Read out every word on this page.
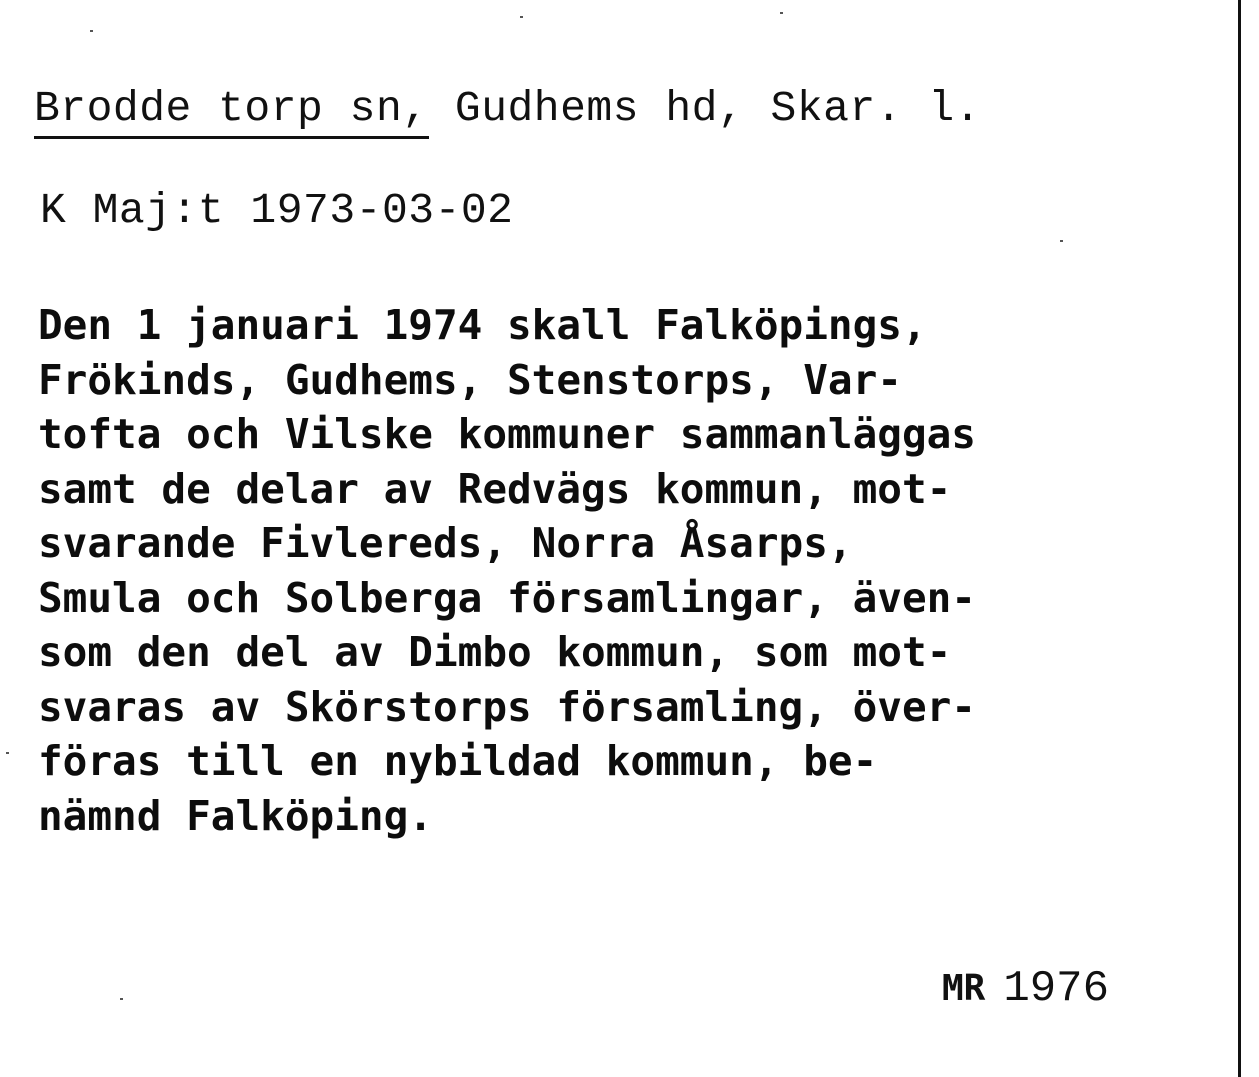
Brodde torp sn, Gudhems hd, Skar. l.
K Maj:t 1973-03-02
Den 1 januari 1974 skall Falköpings,
Frökinds, Gudhems, Stenstorps, Var-
tofta och Vilske kommuner sammanläggas
samt de delar av Redvägs kommun, mot-
svarande Fivlereds, Norra Åsarps,
Smula och Solberga församlingar, även-
som den del av Dimbo kommun, som mot-
svaras av Skörstorps församling, över-
föras till en nybildad kommun, be-
nämnd Falköping.
MR 1976
